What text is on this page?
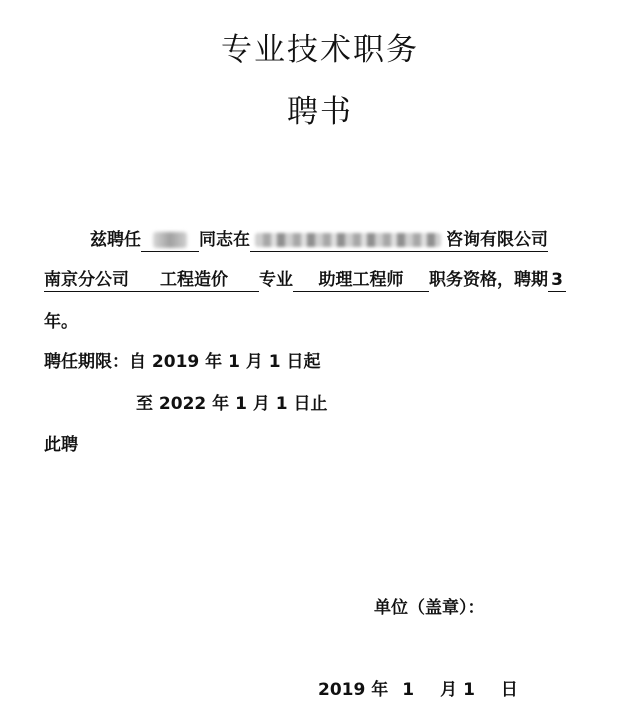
专业技术职务
聘书
兹聘任	同志在	咨询有限公司
南京分公司 工程造价 专业 助理工程师 职务资格，聘期 3
年。
聘任期限：自 2019 年 1 月 1 日起
至 2022 年 1 月 1 日止
此聘
单位（盖章）：
2019 年 1 月 1 日
